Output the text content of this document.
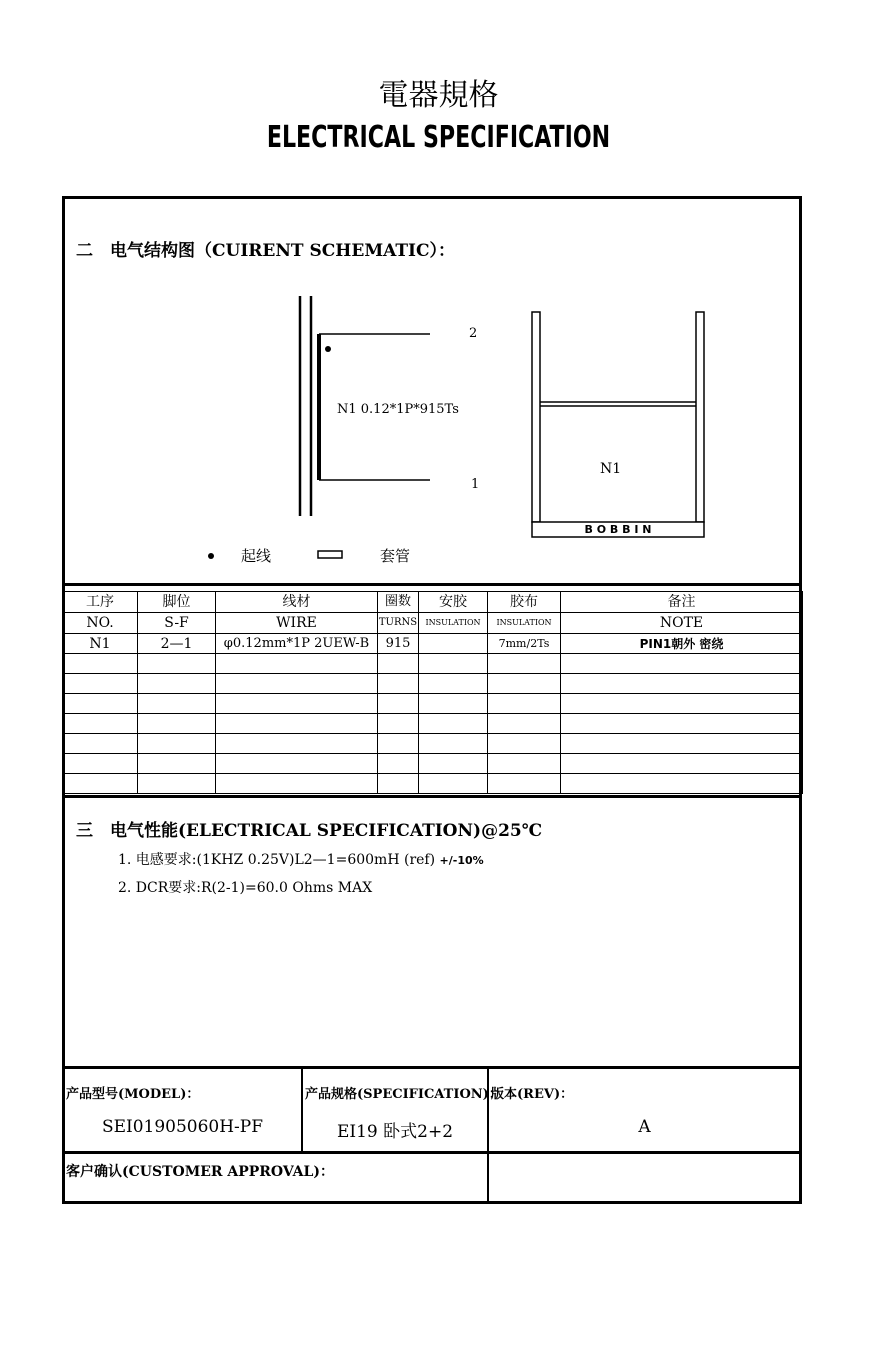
電器規格
ELECTRICAL SPECIFICATION
二　电气结构图（CUIRENT SCHEMATIC）：
2
1
N1 0.12*1P*915Ts
N1
B O B B I N
起线	套管
工序	脚位	线材	圈数	安胶	胶布	备注
NO.	S-F	WIRE	TURNS	INSULATION	INSULATION	NOTE
N1	2—1	φ0.12mm*1P 2UEW-B	915		7mm/2Ts	PIN1朝外 密绕

三　电气性能(ELECTRICAL SPECIFICATION)@25℃
1. 电感要求:(1KHZ 0.25V)L2—1=600mH (ref) +/-10%
2. DCR要求:R(2-1)=60.0 Ohms MAX
产品型号(MODEL)：
SEI01905060H-PF
产品规格(SPECIFICATION)：
EI19 卧式2+2
版本(REV)：
A
客户确认(CUSTOMER APPROVAL)：
